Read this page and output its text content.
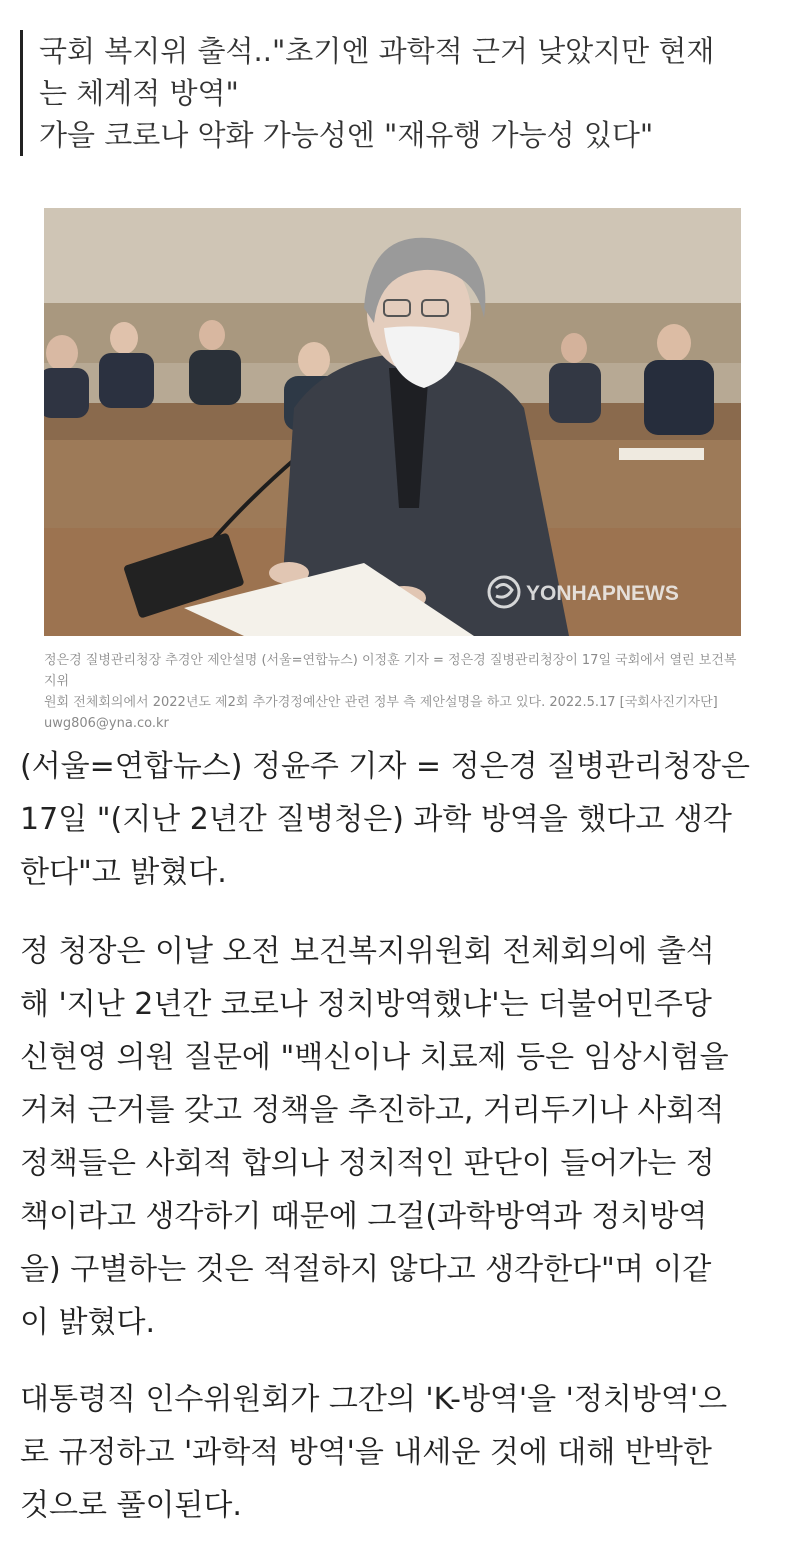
국회 복지위 출석.."초기엔 과학적 근거 낮았지만 현재
는 체계적 방역"
가을 코로나 악화 가능성엔 "재유행 가능성 있다"
YONHAPNEWS
정은경 질병관리청장 추경안 제안설명 (서울=연합뉴스) 이정훈 기자 = 정은경 질병관리청장이 17일 국회에서 열린 보건복지위
원회 전체회의에서 2022년도 제2회 추가경정예산안 관련 정부 측 제안설명을 하고 있다. 2022.5.17 [국회사진기자단]
uwg806@yna.co.kr
(서울=연합뉴스) 정윤주 기자 = 정은경 질병관리청장은
17일 "(지난 2년간 질병청은) 과학 방역을 했다고 생각
한다"고 밝혔다.
정 청장은 이날 오전 보건복지위원회 전체회의에 출석
해 '지난 2년간 코로나 정치방역했냐'는 더불어민주당
신현영 의원 질문에 "백신이나 치료제 등은 임상시험을
거쳐 근거를 갖고 정책을 추진하고, 거리두기나 사회적
정책들은 사회적 합의나 정치적인 판단이 들어가는 정
책이라고 생각하기 때문에 그걸(과학방역과 정치방역
을) 구별하는 것은 적절하지 않다고 생각한다"며 이같
이 밝혔다.
대통령직 인수위원회가 그간의 'K-방역'을 '정치방역'으
로 규정하고 '과학적 방역'을 내세운 것에 대해 반박한
것으로 풀이된다.
